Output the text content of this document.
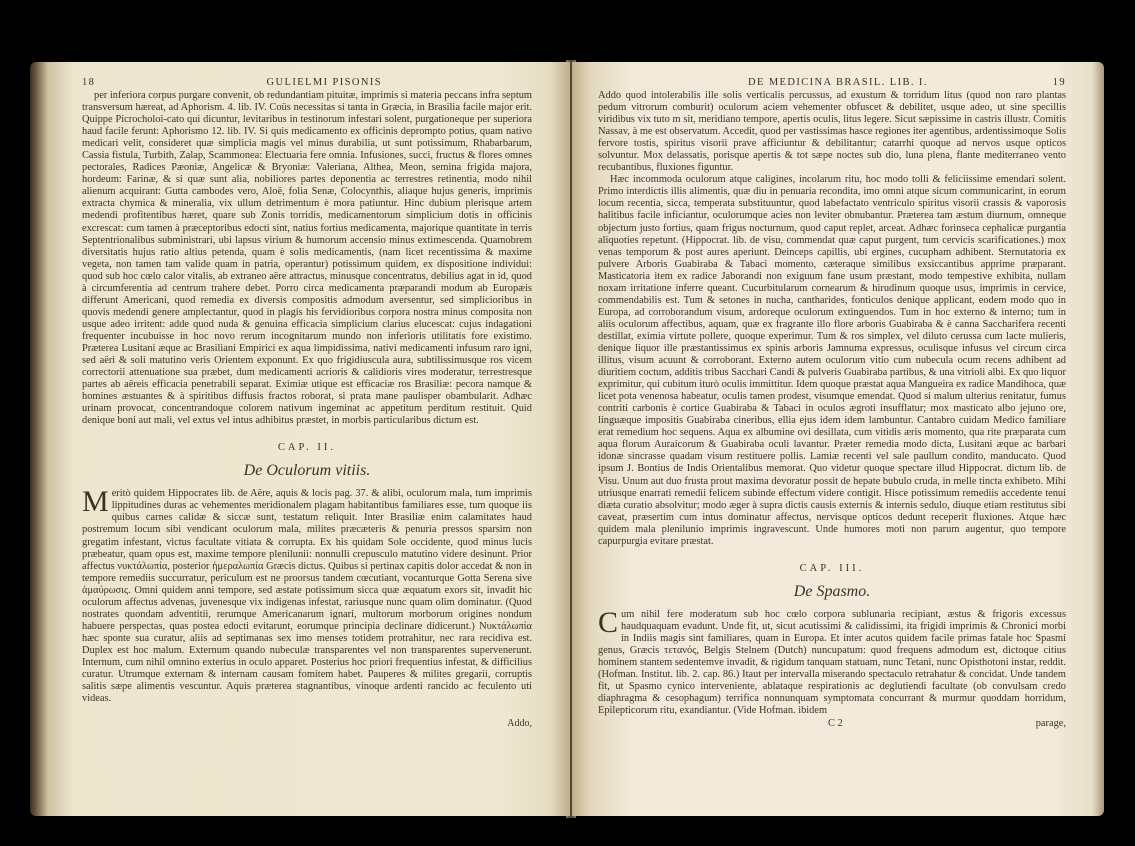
18	GULIELMI PISONIS

per inferiora corpus purgare convenit, ob redundantiam pituitæ, imprimis si materia peccans infra septum transversum hæreat, ad Aphorism. 4. lib. IV. Coüs necessitas si tanta in Græcia, in Brasilia facile major erit. Quippe Picrocholoi-cato qui dicuntur, levitaribus in testinorum infestari solent, purgationeque per superiora haud facile ferunt: Aphorismo 12. lib. IV. Si quis medicamento ex officinis deprompto potius, quam nativo medicari velit, consideret quæ simplicia magis vel minus durabilia, ut sunt potissimum, Rhabarbarum, Cassia fistula, Turbith, Zalap, Scammonea: Electuaria fere omnia. Infusiones, succi, fructus & flores omnes pectorales, Radices Pæoniæ, Angelicæ & Bryoniæ: Valeriana, Althea, Meon, semina frigida majora, hordeum: Farinæ, & si quæ sunt alia, nobiliores partes deponentia ac terrestres retinentia, modo nihil alienum acquirant: Gutta cambodes vero, Aloë, folia Senæ, Colocynthis, aliaque hujus generis, imprimis extracta chymica & mineralia, vix ullum detrimentum è mora patiuntur. Hinc dubium plerisque artem medendi profitentibus hæret, quare sub Zonis torridis, medicamentorum simplicium dotis in officinis excrescat: cum tamen à præceptoribus edocti sint, natius fortius medicamenta, majorique quantitate in terris Septentrionalibus subministrari, ubi lapsus virium & humorum accensio minus extimescenda. Quamobrem diversitatis hujus ratio altius petenda, quam è solis medicamentis, (nam licet recentissima & maxime vegeta, non tamen tam valide quam in patria, operantur) potissimum quidem, ex dispositione individui: quod sub hoc cœlo calor vitalis, ab extraneo aëre attractus, minusque concentratus, debilius agat in id, quod à circumferentia ad centrum trahere debet. Porro circa medicamenta præparandi modum ab Europæis differunt Americani, quod remedia ex diversis compositis admodum aversentur, sed simplicioribus in quovis medendi genere amplectantur, quod in plagis his fervidioribus corpora nostra minus composita non usque adeo irritent: adde quod nuda & genuina efficacia simplicium clarius elucescat: cujus indagationi frequenter incubuisse in hoc novo rerum incognitarum mundo non inferioris utilitatis fore existimo. Præterea Lusitani æque ac Brasiliani Empirici ex aqua limpidissima, nativi medicamenti infusum raro igni, sed aëri & soli matutino veris Orientem exponunt. Ex quo frigidiuscula aura, subtilissimusque ros vicem correctorii attenuatione sua præbet, dum medicamenti acrioris & calidioris vires moderatur, terrestresque partes ab aëreis efficacia penetrabili separat. Eximiæ utique est efficaciæ ros Brasiliæ: pecora namque & homines æstuantes & à spiritibus diffusis fractos roborat, si prata mane paulisper obambularit. Adhæc urinam provocat, concentrandoque colorem nativum ingeminat ac appetitum perditum restituit. Quid denique boni aut mali, vel extus vel intus adhibitus præstet, in morbis particularibus dictum est.

CAP. II.
De Oculorum vitiis.

Meritò quidem Hippocrates lib. de Aëre, aquis & locis pag. 37. & alibi, oculorum mala, tum imprimis lippitudines duras ac vehementes meridionalem plagam habitantibus familiares esse, tum quoque iis quibus carnes calidæ & siccæ sunt, testatum reliquit. Inter Brasiliæ enim calamitates haud postremum locum sibi vendicant oculorum mala, milites præcæteris & penuria pressos sparsim non gregatim infestant, victus facultate vitiata & corrupta. Ex his quidam Sole occidente, quod minus lucis præbeatur, quam opus est, maxime tempore plenilunii: nonnulli crepusculo matutino videre desinunt. Prior affectus νυκτάλωπία, posterior ἡμεραλωπία Græcis dictus. Quibus si pertinax capitis dolor accedat & non in tempore remediis succurratur, periculum est ne proorsus tandem cœcutiant, vocanturque Gotta Serena sive ἀμαύρωσις. Omni quidem anni tempore, sed æstate potissimum sicca quæ æquatum exors sit, invadit hic oculorum affectus advenas, juvenesque vix indigenas infestat, rariusque nunc quam olim dominatur. (Quod nostrates quondam adventitii, rerumque Americanarum ignari, multorum morborum origines nondum habuere perspectas, quas postea edocti evitarunt, eorumque principia declinare didicerunt.) Νυκτάλωπία hæc sponte sua curatur, aliis ad septimanas sex imo menses totidem protrahitur, nec rara recidiva est. Duplex est hoc malum. Externum quando nubeculæ transparentes vel non transparentes supervenerunt. Internum, cum nihil omnino exterius in oculo apparet. Posterius hoc priori frequentius infestat, & difficilius curatur. Utrumque externam & internam causam fomitem habet. Pauperes & milites gregarii, corruptis salitis sæpe alimentis vescuntur. Aquis præterea stagnantibus, vinoque ardenti rancido ac feculento uti videas.

Addo,
DE MEDICINA BRASIL. LIB. I.	19

Addo quod intolerabilis ille solis verticalis percussus, ad exustum & torridum litus (quod non raro plantas pedum vitrorum comburit) oculorum aciem vehementer obfuscet & debilitet, usque adeo, ut sine specillis viridibus vix tuto m sit, meridiano tempore, apertis oculis, litus legere. Sicut sæpissime in castris illustr. Comitis Nassav, à me est observatum. Accedit, quod per vastissimas hasce regiones iter agentibus, ardentissimoque Solis fervore tostis, spiritus visorii prave afficiuntur & debilitantur; catarrhi quoque ad nervos usque opticos solvuntur. Mox delassatis, porisque apertis & tot sæpe noctes sub dio, luna plena, flante mediterraneo vento recubantibus, fluxiones figuntur.

Hæc incommoda oculorum atque caligines, incolarum ritu, hoc modo tolli & feliciissime emendari solent. Primo interdictis illis alimentis, quæ diu in penuaria recondita, imo omni atque sicum communicarint, in eorum locum recentia, sicca, temperata substituuntur, quod labefactato ventriculo spiritus visorii crassis & vaporosis halitibus facile inficiantur, oculorumque acies non leviter obnubantur. Præterea tam æstum diurnum, omneque objectum justo fortius, quam frigus nocturnum, quod caput replet, arceat. Adhæc forinseca cephalicæ purgantia aliquoties repetunt. (Hippocrat. lib. de visu, commendat quæ caput purgent, tum cervicis scarificationes.) mox venas temporum & post aures aperiunt. Deinceps capillis, ubi ergines, cucupham adhibent. Sternutatoria ex pulvere Arboris Guabiraba & Tabaci momento, cæteraque similibus exsiccantibus apprime præparant. Masticatoria item ex radice Jaborandi non exiguum fane usum præstant, modo tempestive exhibita, nullam noxam irritatione inferre queant. Cucurbitularum cornearum & hirudinum quoque usus, imprimis in cervice, commendabilis est. Tum & setones in nucha, cantharides, fonticulos denique applicant, eodem modo quo in Europa, ad corroborandum visum, ardoreque oculorum extinguendos. Tum in hoc externo & interno; tum in aliis oculorum affectibus, aquam, quæ ex fragrante illo flore arboris Guabiraba & è canna Saccharifera recenti destillat, eximia virtute pollere, quoque experimur. Tum & ros simplex, vel diluto cerussa cum lacte mulieris, denique liquor ille præstantissimus ex spinis arboris Jamnuma expressus, oculisque infusus vel circum circa illitus, visum acuunt & corroborant. Externo autem oculorum vitio cum nubecula ocum recens adhibent ad diuritiem coctum, additis tribus Sacchari Candi & pulveris Guabiraba partibus, & una vitrioli albi. Ex quo liquor exprimitur, qui cubitum iturò oculis immittitur. Idem quoque præstat aqua Mangueira ex radice Mandihoca, quæ licet pota venenosa habeatur, oculis tamen prodest, visumque emendat. Quod si malum ulterius renitatur, fumus contriti carbonis è cortice Guabiraba & Tabaci in oculos ægroti insufflatur; mox masticato albo jejuno ore, linguæque impositis Guabiraba cineribus, ellia ejus idem idem lambuntur. Cantabro cuidam Medico familiare erat remedium hoc sequens. Aqua ex albumine ovi desillata, cum vitidis æris momento, qua rite præparata cum aqua florum Auraicorum & Guabiraba oculi lavantur. Præter remedia modo dicta, Lusitani æque ac barbari idonæ sincrasse quadam visum restituere pollis. Lamiæ recenti vel sale paullum condito, manducato. Quod ipsum J. Bontius de Indis Orientalibus memorat. Quo videtur quoque spectare illud Hippocrat. dictum lib. de Visu. Unum aut duo frusta prout maxima devoratur possit de hepate bubulo cruda, in melle tincta exhibeto. Mihi utriusque enarrati remedii felicem subinde effectum videre contigit. Hisce potissimum remediis accedente tenui diæta curatio absolvitur; modo æger à supra dictis causis externis & internis sedulo, diuque etiam restitutus sibi caveat, præsertim cum intus dominatur affectus, nervisque opticos dedunt receperit fluxiones. Atque hæc quidem mala plenilunio imprimis ingravescunt. Unde humores moti non parum augentur, quo tempore capurpurgia evitare præstat.

CAP. III.
De Spasmo.

Cum nihil fere moderatum sub hoc cœlo corpora sublunaria recipiant, æstus & frigoris excessus haudquaquam evadunt. Unde fit, ut, sicut acutissimi & calidissimi, ita frigidi imprimis & Chronici morbi in Indiis magis sint familiares, quam in Europa. Et inter acutos quidem facile primas fatale hoc Spasmi genus, Græcis τετανός, Belgis Stelnem (Dutch) nuncupatum: quod frequens admodum est, dictoque citius hominem stantem sedentemve invadit, & rigidum tanquam statuam, nunc Tetani, nunc Opisthotoni instar, reddit. (Hofman. Institut. lib. 2. cap. 86.) Itaut per intervalla miserando spectaculo retrahatur & concidat. Unde tandem fit, ut Spasmo cynico interveniente, ablataque respirationis ac deglutiendi facultate (ob convulsam credo diaphragma & cesophagum) terrifica nonnunquam symptomata concurrant & murmur quoddam horridum, Epilepticorum ritu, exandiantur. (Vide Hofman. ibidem

C 2	parage,
